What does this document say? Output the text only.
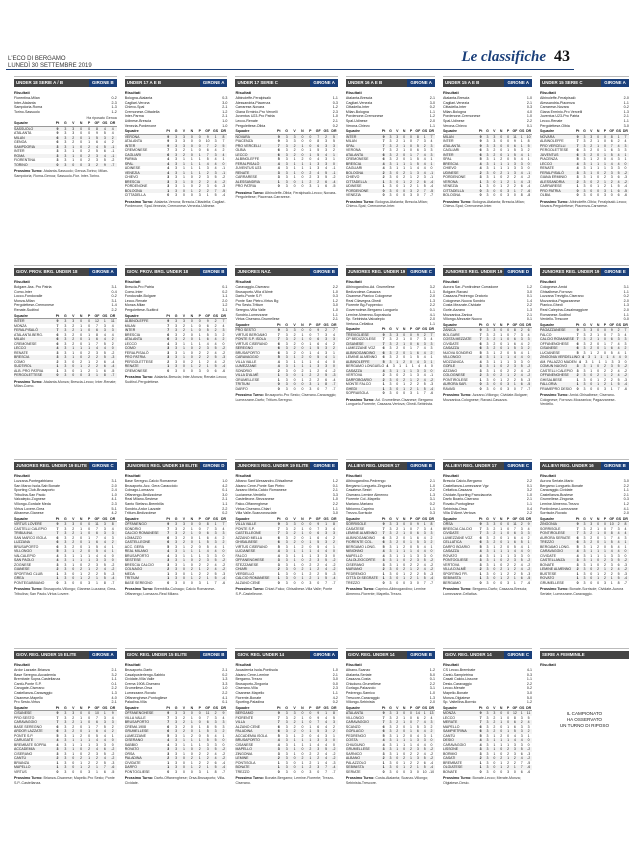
L'ECO DI BERGAMO
LUNEDÌ 30 SETTEMBRE 2019
Le classifiche 43
UNDER 18 SERIE A / B	GIRONE B
Risultati
Fiorentina-Milan	0-2
Inter-Atalanta	2-3
Sampdoria-Roma	1-3
Torino-Sassuolo	1-2
Ha riposato Genoa
Squadre	Pt	G	V	N	P	GF GS DR
SASSUOLO	9	3	3	0	0	8	4	4
ATALANTA	9	3	3	0	0	9	5	4
MILAN	6	3	2	0	1	5	3	2
GENOA	6	3	2	0	1	6	4	2
SAMPDORIA	3	3	1	0	2	4	5	-1
INTER	3	3	1	0	2	5	6	-1
ROMA	3	3	1	0	2	3	4	-1
FIORENTINA	3	3	1	0	2	3	5	-2
TORINO	0	3	0	0	3	2	9	-7
Prossimo Turno: Atalanta-Sassuolo; Genoa-Torino; Milan-Sampdoria; Roma-Genoa; Sassuolo-Fior. Inter-Torino.
UNDER 17 A E B	GIRONE A
Risultati
Bologna-Atalanta	0-3
Cagliari-Verona	3-0
Chievo-Spal	2-1
Cremonese-Cittadella	1-2
Inter-Parma	2-1
Udinese-Brescia	1-0
Venezia-Pordenone	1-0
Squadre	Pt	G	V	N	P	GF GS DR
VERONA	9	3	3	0	0	9	1	8
ATALANTA	9	3	3	0	0	10	3	7
INTER	9	3	3	0	0	7	2	5
CREMONESE	7	3	2	1	0	6	4	2
CAGLIARI	6	3	2	0	1	7	3	4
PARMA	4	3	1	1	1	5	4	1
SPAL	4	3	1	1	1	4	4	0
UDINESE	4	3	1	1	1	3	4	-1
VENEZIA	4	3	1	1	1	2	3	-1
CHIEVO	3	3	1	0	2	3	5	-2
BRESCIA	3	3	1	0	2	2	4	-2
PORDENONE	3	3	1	0	2	3	6	-3
BOLOGNA	1	3	0	1	2	2	7	-5
CITTADELLA	0	3	0	0	3	1	5	-4
Prossimo Turno: Atalanta-Verona; Brescia-Cittadella; Cagliari-Pordenone; Spal-Venezia; Cremonese-Venezia-Udinese.
UNDER 17 SERIE C	GIRONE A
Risultati
Albinoleffe-Feralpisalò	1-1
Alessandria-Piacenza	0-3
Carrarese-Novara	1-2
Giana Erminio-Pro Vercelli	2-3
Juventus U23-Pro Patria	1-0
Lecco-Renate	2-1
Pergolettese-Olbia	0-2
Squadre	Pt	G	V	N	P	GF GS DR
NOVARA	9	3	3	0	0	7	2	5
PIACENZA	9	3	3	0	0	8	3	5
PRO VERCELLI	7	3	2	1	0	6	3	3
OLBIA	6	3	2	0	1	5	3	2
LECCO	6	3	2	0	1	5	4	1
ALBINOLEFFE	5	3	1	2	0	4	3	1
FERALPISALÒ	4	3	1	1	1	3	3	0
JUVENTUS U23	4	3	1	1	1	3	4	-1
RENATE	3	3	1	0	2	4	5	-1
CARRARESE	3	3	1	0	2	3	5	-2
ALESSANDRIA	1	3	0	1	2	2	6	-4
PRO PATRIA	0	3	0	0	3	1	6	-5
Prossimo Turno: Albinoleffe-Olbia; Feralpisalò-Lecco; Novara-Pergolettese; Piacenza-Carrarese.
UNDER 16 A E B	GIRONE A
Risultati
Atalanta-Brescia	2-1
Cagliari-Venezia	3-0
Cittadella-Inter	0-2
Milan-Bologna	1-1
Pordenone-Cremonese	1-2
Spal-Udinese	2-0
Verona-Chievo	1-1
Squadre	Pt	G	V	N	P GF GS DR
INTER	9	3	3	0	0	8	1	7
MILAN	7	3	2	1	0	7	3	4
SPAL	7	3	2	1	0	5	2	3
VERONA	7	3	2	1	0	6	3	3
ATALANTA	6	3	2	0	1	7	4	3
CREMONESE	6	3	2	0	1	5	4	1
BRESCIA	4	3	1	1	1	5	4	1
CAGLIARI	4	3	1	1	1	4	4	0
BOLOGNA	2	3	0	2	1	3	4	-1
CHIEVO	2	3	0	2	1	2	3	-1
CITTADELLA	1	3	0	1	2	2	6	-4
UDINESE	1	3	0	1	2	1	5	-4
PORDENONE	0	3	0	0	3	2	7	-5
VENEZIA	0	3	0	0	3	0	7	-7
Prossimo Turno: Bologna-Atalanta; Brescia-Milan; Chievo-Spal; Cremonese-Inter.
UNDER 15 A E B	GIRONE A
Risultati
Atalanta-Brescia	1-0
Cagliari-Venezia	2-1
Cittadella-Inter	0-3
Milan-Bologna	4-0
Pordenone-Cremonese	1-0
Spal-Udinese	2-2
Verona-Chievo	0-1
Squadre	Pt	G	V	N	P GF GS DR
MILAN	9	3	3	0	0	11	1	10
INTER	9	3	3	0	0	9	1	8
ATALANTA	9	3	3	0	0	6	1	5
CAGLIARI	6	3	2	0	1	5	3	2
INTER	6	3	2	0	1	5	4	1
SPAL	5	3	1	2	0	5	4	1
BRESCIA	4	3	1	1	1	3	3	0
CHIEVO	4	3	1	1	1	3	3	0
UDINESE	2	3	0	2	1	3	4	-1
PORDENONE	3	3	1	0	2	2	4	-2
VERONA	1	3	0	1	2	1	4	-3
VENEZIA	1	3	0	1	2	2	6	-4
CITTADELLA	0	3	0	0	3	1	7	-6
BOLOGNA	0	3	0	0	3	0	8	-8
Prossimo Turno: Bologna-Atalanta; Brescia-Milan; Chievo-Spal; Cremonese-Inter.
UNDER 15 SERIE C	GIRONE A
Risultati
Albinoleffe-Feralpisalò	2-0
Alessandria-Piacenza	1-1
Carrarese-Novara	0-2
Giana Erminio-Pro Vercelli	1-3
Juventus U23-Pro Patria	2-1
Lecco-Renate	1-1
Pergolettese-Olbia	3-0
Squadre	Pt	G	V	N	P GF GS DR
NOVARA	9	3	3	0	0	8	1	7
ALBINOLEFFE	7	3	2	1	0	6	2	4
PRO VERCELLI	7	3	2	1	0	7	4	3
PERGOLETTESE	6	3	2	0	1	6	3	3
JUVENTUS	6	3	2	0	1	5	4	1
PIACENZA	5	3	1	2	0	4	3	1
LECCO	4	3	1	1	1	4	4	0
RENATE	4	3	1	1	1	3	3	0
FERALPISALÒ	3	3	1	0	2	3	5	-2
GIANA ERMINIO	3	3	1	0	2	3	6	-3
ALESSANDRIA	2	3	0	2	1	2	4	-2
CARRARESE	1	3	0	1	2	1	5	-4
PRO PATRIA	0	3	0	0	3	1	6	-5
OLBIA	0	3	0	0	3	0	6	-6
Prossimo Turno: Albinoleffe-Olbia; Feralpisalò-Lecco; Novara-Pergolettese; Piacenza-Carrarese.
GIOV. PROV. BRG. UNDER 18	GIRONE A
Risultati
Bolgare-Ass. Pro Patria	3-1
Como-Inter	0-4
Locco-Fondovalle	0-2
Monza-Milan	3-1
Pergolettese-Cremonese	1-4
Renate-Sudtirol	2-2
Squadre	Pt	G	V	N	P	GF GS DR
INTER	9	3	3	0	0	12	1	11
MONZA	7	3	2	1	0	7	3	4
FERALPISALÒ	7	3	2	1	0	6	3	3
ATALANTA BERG.	6	3	2	0	1	8	4	4
MILAN	6	3	2	0	1	6	4	2
CREMONESE	6	3	2	0	1	7	5	2
LECCO	4	3	1	1	1	4	4	0
RENATE	3	3	1	0	2	3	5	-2
BRESCIA	3	3	1	0	2	2	5	-3
COMO	2	3	0	2	1	2	6	-4
SUDTIROL	1	3	0	1	2	2	6	-4
ALB. PRO PATRIA	1	3	0	1	2	1	6	-5
PERGOLETTESE	0	3	0	0	3	1	8	-7
Prossimo Turno: Atalanta-Monza; Brescia-Lecco; Inter-Renate; Milan-Como.
GIOV. PROV. BRG. UNDER 18	GIRONE B
Risultati
Brescia-Pro Patria	0-1
Como-Inter	0-2
Fondovalle-Bolgare	1-1
Lecco-Renate	2-0
Monza-Milan	1-2
Pergolettese-Sudtirol	3-1
Squadre	Pt	G	V	N	P	GF GS DR
ALBINOLEFFE	9	3	3	0	0	9	2	7
MILAN	7	3	2	1	0	6	2	4
INTER	7	3	2	1	0	5	2	3
BRESCIA	6	3	2	0	1	5	3	2
ATALANTA	6	3	2	0	1	6	4	2
LECCO	4	3	1	1	1	4	4	0
COMO	3	3	1	0	2	3	5	-2
FERALPISALÒ	3	3	1	0	2	2	4	-2
PRO PATRIA	3	3	1	0	2	2	5	-3
PERGOLETTESE	2	3	0	2	1	2	4	-2
RENATE	1	3	0	1	2	1	5	-4
CREMONESE	0	3	0	0	3	0	6	-6
Prossimo Turno: Atalanta-Brescia; Inter-Monza; Renate-Lecco; Sudtirol-Pergolettese.
JUNIORES NAZ.	GIRONE B
Risultati
Caravaggio-Ciserano	2-2
Brusaporto-Villa d'Almè	1-0
Darfo-Ponte S.P.	0-3
Ponte San Pietro-Virtus Bg	1-2
Pro Sesto-Tritium	3-0
Seregno-Villa Valle	1-0
Sondrio-Lumezzane	1-1
Virtus Ciserano-Grumellese	2-1
Squadre	Pt	G	V	N	P	GF GS DR
PRO SESTO	9	3	3	0	0	9	2	7
VIRTUS BERGAMO	7	3	2	1	0	7	3	4
PONTE S.P. ISOLA	7	3	2	1	0	6	3	3
VIRTUS CISERANO	6	3	2	0	1	6	4	2
SEREGNO	6	3	2	0	1	5	3	2
BRUSAPORTO	6	3	2	0	1	4	3	1
CARAVAGGIO	5	3	1	2	0	5	4	1
VILLA VALLE	4	3	1	1	1	4	4	0
LUMEZZANE	4	3	1	1	1	3	3	0
SONDRIO	2	3	0	2	1	2	4	-2
VILLA D'ALMÈ	1	3	0	1	2	2	5	-3
GRUMELLESE	1	3	0	1	2	2	6	-4
TRITIUM	0	3	0	0	3	1	8	-7
DARFO	0	3	0	0	3	0	7	-7
Prossimo Turno: Brusaporto-Pro Sesto; Ciserano-Caravaggio; Lumezzane-Darfo; Tritium-Seregno.
JUNIORES REG. UNDER 19	GIRONE C
Risultati
Albinogandino-Ad. Grumellese	3-2
Bedizzolese-Casazza	1-1
Cisanese-Pianico Colognese	2-0
Real Cilavegna-Ghedi	1-3
Fiorente Bg-Foppenico	2-2
Governolese-Bergamo Longuelo	0-1
Lemine Almenno-Sopraisola	4-1
Sp. Sebinista-Valcalepio	2-0
Vertova-Cellatica	1-1
Squadre	Pt	G	V	N	P GF GS DR
TREVIGLIESE	9	3	3	0	0	9	2	7
CP BEDIZZOLESE	7	3	2	1	0	7	3	4
CISANESE	7	3	2	1	0	6	3	3
LUMEZZANE VGZ	6	3	2	0	1	7	4	3
ALBINOGANDINO	6	3	2	0	1	6	4	2
LEMINE ALMENNO	6	3	2	0	1	5	4	1
ALBINOLEFFE	5	3	1	2	0	4	3	1
BERGAMO LONGUELO 4	3	1	1	1	4	4	0
CASAZZA	4	3	1	1	1	3	3	0
VERTOVA	2	3	0	2	1	3	4	-1
DARFOBOARIO	2	3	0	2	1	2	4	-2
MONTE FALCO	1	3	0	1	2	2	5	-3
GHEDI	1	3	0	1	2	1	5	-4
SOPRAISOLA	0	3	0	0	3	1	7	-6
Prossimo Turno: Ad. Grumellese-Cisanese; Bergamo Longuelo-Fiorente; Casazza-Vertova; Ghedi-Sebinista.
JUNIORES REG. UNDER 19	GIRONE D
Risultati
Aurora Sar.-Pontirolese Corradone	1-2
Bolgare-Ravasi	3-0
Casazza-Pedrengo Oratorio	0-1
Colognese-Nuova Sondrio	1-4
Costa Mezzate-Cividate	2-2
Gorle-Azzano	1-3
Mozzanica-Zanica	2-1
Villongo-Mezzate Nuovo	0-1
Squadre	Pt	G	V	N	P GF GS DR
ZANICA	9	3	3	0	0	8	2	6
BOLGARE	7	3	2	1	0	7	3	4
COSTA MEZZATE	7	3	2	1	0	6	3	3
CIVIDATE	6	3	2	0	1	6	4	2
CASAZZA	6	3	2	0	1	5	3	2
NUOVA SONDRIO	5	3	1	2	0	5	4	1
VILLONGO	4	3	1	1	1	4	4	0
MOZZANICA	4	3	1	1	1	3	3	0
GORLE	3	3	1	0	2	3	5	-2
AZZANO	3	3	1	0	2	2	4	-2
COLOGNESE	2	3	0	2	1	2	4	-2
PONTIROLESE	1	3	0	1	2	2	5	-3
AURORA SAR.	0	3	0	0	3	1	6	-5
RAVASI	0	3	0	0	3	0	7	-7
Prossimo Turno: Azzano-Villongo; Cividate-Bolgare; Mozzanica-Colognese; Ravasi-Casazza.
JUNIORES REG. UNDER 19	GIRONE E
Risultati
Colognese-Amici	3-1
Ghisalbese-Fornovo	1-1
Luzzana Treviglio-Ciserano	0-2
Mozzanica-Pagazzanese	2-0
Pianico-Ghedi	1-3
Real Calepina-Casalmaggiore	2-0
Romanese-Sudtirol	1-1
Verdello-Trescore	0-0
Squadre	Pt	G	V	N	P GF GS DR
PAGAZZANESE	9	3	3	0	0	9	2	7
FALCO	7	3	2	1	0	7	3	4
CALCIO ROMANESE 7	3	2	1	0	6	3	3
OFFANENGHESE	6	3	2	0	1	7	4	3
CISANESE	6	3	2	0	1	6	4	2
LUCIANESE	5	3	1	2	0	5	4	1
ZINGONIA VERDELLINO 4	3	1	1	1	4	4	0
AM. PALAZZO MADEN 4	3	1	1	1	3	3	0
COMUN NUOVO	3	3	1	0	2	3	5	-2
CASTELLI CALEPIO	3	3	1	0	2	2	4	-2
OFFANENGHESE	2	3	0	2	1	2	4	-2
GHISALBESE	1	3	0	1	2	2	5	-3
FALLORIA	1	3	0	1	2	1	5	-4
FRAMEPRO DESIO	0	3	0	0	3	1	7	-6
Prossimo Turno: Amici-Ghisalbese; Ciserano-Colognese; Fornovo-Mozzanica; Pagazzanese-Verdello.
JUNIORES REG. UNDER 19 ELITE	GIRONE C
Risultati
Luzzana-Pontegabbiano	3-1
San Marco Isola-Sab Bonate	2-0
Sporting Club-Brusaporto	2-4
Tribulina-San Paolo	1-0
Valcalepio-Zognese	4-1
Villongo-Gordale Meda	2-3
Virtus Lovere-Grea	5-1
Albanese-Gianese	4-2
Squadre	Pt	G	V	N	P	GF GS DR
VIRTUS LOVERE	9	3	3	0	0	11	3	8
CASTELLI CALEPIO	7	3	2	1	0	7	3	4
TRIBULINA	7	3	2	1	0	6	3	3
SAN MARCO ISOLA	6	3	2	0	1	7	4	3
LUZZANA	6	3	2	0	1	6	4	2
BRUSAPORTO	6	3	2	0	1	5	4	1
VILLONGO	5	3	1	2	0	5	4	1
VALCALEPIO	4	3	1	1	1	4	4	0
SAN PAOLO	4	3	1	1	1	3	3	0
ZOGNESE	3	3	1	0	2	3	5	-2
GIANESE	2	3	0	2	1	2	4	-2
SPORTING CLUB	1	3	0	1	2	2	5	-3
GREA	1	3	0	1	2	1	5	-4
PONTEGABBIANO	0	3	0	0	3	1	8	-7
Prossimo Turno: Brusaporto-Villongo; Gianese-Luzzana; Grea-Tribulina; San Paolo-Virtus Lovere.
JUNIORES REG. UNDER 19 ELITE	GIRONE D
Risultati
Base Seregno-Calcio Romanese	1-0
Brusaporto-Acc. Gera Caracciolo	4-2
Colnago-Lomazzo	0-1
Offanengo-Bedizzolese	3-0
Real Milano-Sestese	2-1
Santo Stefano-Brembilla	1-1
Sondrio-Ardor Lazzate	2-2
Tritium-Bedizzolese	0-2
Squadre	Pt	G	V	N	P	GF GS DR
OFFANENGO	9	3	3	0	0	8	1	7
SONDRIO	7	3	2	1	0	7	3	4
CALCIO ROMANESE	7	3	2	1	0	6	3	3
LOMAZZO	6	3	2	0	1	6	4	2
CASTELLEONE	6	3	2	0	1	5	3	2
ACC. GERA	5	3	1	2	0	5	4	1
REAL MILANO	4	3	1	1	1	4	4	0
BRUSAPORTO	4	3	1	1	1	3	3	0
SESTESE	3	3	1	0	2	3	5	-2
BRESCIA CALCIO	3	3	1	0	2	2	4	-2
COLNAGO	2	3	0	2	1	2	4	-2
MEDA	1	3	0	1	2	2	5	-3
TRITIUM	1	3	0	1	2	1	5	-4
BASE SEREGNO	0	3	0	0	3	1	7	-6
Prossimo Turno: Brembilla-Colnago; Calcio Romanese-Offanengo; Lomazzo-Real Milano.
JUNIORES REG. UNDER 19 ELITE	GIRONE E
Risultati
Albano Sant'Alessandro-Ghisalbese	1-2
Alzano Cene-Ponte San Pietro	0-1
Azzano Mella-Calcio Romanese	2-1
Lucianese-Verdello	3-3
Castelleone-Stezzanese	1-0
Falco-Offanenghese	2-2
Virtus Ciserano-Chiari	1-1
Villa Valle-Scanzorosciate	3-0
Squadre	Pt	G	V	N	P	GF GS DR
VILLA VALLE	9	3	3	0	0	9	1	8
PONTE S.P.	7	3	2	1	0	7	3	4
CASTELLEONE	7	3	2	1	0	6	3	3
AZZANO MELLA	6	3	2	0	1	6	4	2
GHISALBESE	6	3	2	0	1	5	3	2
VIRTUS CISERANO	5	3	1	2	0	5	4	1
LUCIANESE	4	3	1	1	1	4	4	0
FALCO	4	3	1	1	1	3	3	0
OFFANENGHESE	3	3	1	0	2	3	5	-2
STEZZANESE	3	3	1	0	2	2	4	-2
CHIARI	2	3	0	2	1	2	4	-2
VERDELLO	1	3	0	1	2	2	5	-3
CALCIO ROMANESE	1	3	0	1	2	1	5	-4
ALZANO CENE	0	3	0	0	3	0	7	-7
Prossimo Turno: Chiari-Falco; Ghisalbese-Villa Valle; Ponte S.P.-Castelleone.
ALLIEVI REG. UNDER 17	GIRONE B
Risultati
Albinogandino-Pedrengo	2-1
Bergamo Longuelo-Zingonia	1-0
Casatese-Sestri	2-2
Ciserano-Lemine Almenno	1-3
Fiorente Col.-Mapello	3-1
Mariano-Mariano	0-2
Nibionno-Caprino	1-1
Trezzo-Sorrisole	0-3
Squadre	Pt	G	V	N	P GF GS DR
SORRISOLE	9	3	3	0	0	9	1	8
CASATESE	7	3	2	1	0	7	3	4
LEMINE ALMENNO	7	3	2	1	0	6	3	3
ALBINOGANDINO	6	3	2	0	1	6	4	2
FIORENTE COL.	6	3	2	0	1	5	3	2
BERGAMO LONG.	5	3	1	2	0	5	4	1
NIBIONNO	4	3	1	1	1	4	4	0
MAPELLO	4	3	1	1	1	3	3	0
CALOLZIOCORTE	3	3	1	0	2	3	5	-2
CISERANO	3	3	1	0	2	2	4	-2
MARIANO	2	3	0	2	1	2	4	-2
PEDRENGO	1	3	0	1	2	2	5	-3
CITTÀ DI SEGRATE	1	3	0	1	2	1	5	-4
TREZZO	0	3	0	0	3	0	7	-7
Prossimo Turno: Caprino-Albinogandino; Lemine Almenno-Fiorente; Mapello-Trezzo.
ALLIEVI REG. UNDER 17	GIRONE C
Risultati
Brescia Calcio-Bergamo	2-2
Castellanza-Lumezzane Vgz	0-1
Cellatica-Casazza	3-2
Cividate-Sporting Franciacorta	1-0
Darfo Boario-Ciserano	2-1
Rovato-Pontogliese	1-1
Sebinista-Orsa	0-4
Villa D'Almè-Vertova	2-2
Squadre	Pt	G	V	N	P GF GS DR
ORSA	9	3	3	0	0	11	2	9
BRESCIA CALCIO	7	3	2	1	0	7	3	4
CIVIDATE	7	3	2	1	0	6	3	3
LUMEZZANE VGZ	6	3	2	0	1	6	4	2
CELLATICA	6	3	2	0	1	6	5	1
DARFO BOARIO	5	3	1	2	0	5	4	1
CASAZZA	4	3	1	1	1	4	4	0
ROVATO	4	3	1	1	1	3	3	0
PONTOGLIESE	3	3	1	0	2	3	5	-2
VERTOVA	3	3	1	0	2	2	4	-2
VILLA D'ALMÈ	2	3	0	2	1	2	4	-2
SPORTING FR.	1	3	0	1	2	2	5	-3
SEBINISTA	1	3	0	1	2	1	6	-5
BERGAMO	0	3	0	0	3	1	7	-6
Prossimo Turno: Bergamo-Darfo; Casazza-Brescia; Lumezzane-Cellatica.
ALLIEVI REG. UNDER 16	GIRONE B
Risultati
Aurora Seriate-Mario	3-0
Bergamo Longuelo-Bonate	2-2
Caravaggio-Cividate	1-1
Castellanza-Bustese	2-1
Grumellese-Zingonia	0-3
Lemine Almenno-Trezzo	1-2
Pontirolese-Lumezzane	4-1
Sorrisole-Rovato	2-0
Squadre	Pt	G	V	N	P GF GS DR
ZINGONIA	9	3	3	0	0	10	2	8
SORRISOLE	7	3	2	1	0	7	3	4
PONTIROLESE	7	3	2	1	0	8	4	4
AURORA SERIATE	6	3	2	0	1	7	4	3
TREZZO	6	3	2	0	1	5	4	1
BERGAMO LONG.	5	3	1	2	0	5	4	1
CARAVAGGIO	4	3	1	1	1	4	4	0
CIVIDATE	4	3	1	1	1	3	3	0
CASTELLANZA	3	3	1	0	2	3	5	-2
BONATE	3	3	1	0	2	3	6	-3
LEMINE ALMENNO	2	3	0	2	1	2	4	-2
BUSTESE	1	3	0	1	2	2	5	-3
ROVATO	1	3	0	1	2	1	5	-4
GRUMELLESE	0	3	0	0	3	1	8	-7
Prossimo Turno: Bonate-Sorrisole; Cividate-Aurora Seriate; Lumezzane-Caravaggio.
GIOV. REG. UNDER 15 ELITE	GIRONE A
Risultati
Ardor Lazzate-Brianza	2-1
Base Seregno-Accademia	3-2
Brembate Sopra-Castellanza	1-1
Cantù-Ponte S.P.	0-1
Carugate-Ciserano	2-2
Castellanza-Caravaggio	1-3
Cisanese-Mapello	4-0
Pro Sesto-Virtus	2-1
Squadre	Pt	G	V	N	P	GF GS DR
CISANESE	9	3	3	0	0	10	1	9
PRO SESTO	7	3	2	1	0	7	3	4
CARAVAGGIO	7	3	2	1	0	6	3	3
BASE SEREGNO	6	3	2	0	1	7	5	2
ARDOR LAZZATE	6	3	2	0	1	6	4	2
PONTE S.P.	5	3	1	2	0	5	4	1
CARUGATE	4	3	1	1	1	4	4	0
BREMBATE SOPRA	4	3	1	1	1	3	3	0
ACCADEMIA	3	3	1	0	2	4	6	-2
CISERANO	3	3	1	0	2	3	5	-2
CANTÙ	2	3	0	2	1	2	4	-2
BRIANZA	1	3	0	1	2	2	5	-3
MAPELLO	1	3	0	1	2	1	7	-6
VIRTUS	0	3	0	0	3	1	6	-5
Prossimo Turno: Brianza-Cisanese; Mapello-Pro Sesto; Ponte S.P.-Castellanza.
GIOV. REG. UNDER 15 ELITE	GIRONE B
Risultati
Brusaporto-Darfo	2-1
Casalpusterlengo-Sabbio	0-2
Cividate-Villa Valle	1-3
Crema 1908-Ciserano	3-3
Grumellese-Orsa	1-0
Lumezzane-Rovato	2-2
Offanenghese-Pontogliese	4-1
Paladina-Villa	0-1
Squadre	Pt	G	V	N	P	GF GS DR
OFFANENGHESE	9	3	3	0	0	11	2	9
VILLA VALLE	7	3	2	1	0	7	3	4
BRUSAPORTO	7	3	2	1	0	6	3	3
CREMA 1908	6	3	2	0	1	8	5	3
GRUMELLESE	6	3	2	0	1	5	3	2
LUMEZZANE	5	3	1	2	0	5	4	1
CISERANO	4	3	1	1	1	5	5	0
SABBIO	4	3	1	1	1	3	3	0
ROVATO	3	3	1	0	2	3	5	-2
ORSA	3	3	1	0	2	2	4	-2
PALADINA	2	3	0	2	1	2	4	-2
CIVIDATE	1	3	0	1	2	2	6	-4
DARFO	1	3	0	1	2	1	5	-4
PONTOGLIESE	0	3	0	0	3	1	8	-7
Prossimo Turno: Darfo-Offanenghese; Orsa-Brusaporto; Villa-Cividate.
GIOV. REG. UNDER 14	GIRONE A
Risultati
Accademia Isola-Pontisola	1-0
Alzano Cene-Lemine	2-1
Bergamo-Trezzo	3-0
Brusaporto-Zingonia	0-0
Ciserano-Villa	2-3
Cisanese-Mapello	1-1
Fiorente-Bonate	4-2
Sporting-Paladina	0-2
Squadre	Pt	G	V	N	P	GF GS DR
BERGAMO	9	3	3	0	0	9	1	8
FIORENTE	7	3	2	1	0	9	4	5
VILLA	7	3	2	1	0	7	4	3
ALZANO CENE	6	3	2	0	1	6	4	2
PALADINA	6	3	2	0	1	5	3	2
ACCADEMIA ISOLA	5	3	1	2	0	4	3	1
BRUSAPORTO	4	3	1	1	1	3	3	0
CISANESE	4	3	1	1	1	4	4	0
MAPELLO	3	3	1	0	2	3	5	-2
ZINGONIA	3	3	1	0	2	2	4	-2
LEMINE	2	3	0	2	1	2	4	-2
PONTISOLA	1	3	0	1	2	1	4	-3
BONATE	1	3	0	1	2	3	7	-4
TREZZO	0	3	0	0	3	0	7	-7
Prossimo Turno: Bonate-Bergamo; Lemine-Fiorente; Trezzo-Ciserano.
GIOV. REG. UNDER 14	GIRONE B
Risultati
Albano-Scanzo	1-2
Atalanta-Seriate	5-0
Casazza-Costa	0-1
Chiuduno-Grumellese	2-2
Gorlago-Palazzolo	3-1
Pedrengo-Sarnico	1-0
Trescore-Caravaggio	1-3
Villongo-Sebinista	2-0
Squadre	Pt	G	V	N	P GF GS DR
ATALANTA	9	3	3	0	0	14	1	13
VILLONGO	7	3	2	1	0	6	2	4
CARAVAGGIO	7	3	2	1	0	7	4	3
SCANZO	6	3	2	0	1	5	3	2
GORLAGO	6	3	2	0	1	6	4	2
PEDRENGO	5	3	1	2	0	4	3	1
COSTA	4	3	1	1	1	3	3	0
CHIUDUNO	4	3	1	1	1	4	4	0
GRUMELLESE	3	3	1	0	2	3	5	-2
SARNICO	3	3	1	0	2	2	4	-2
ALBANO	2	3	0	2	1	3	5	-2
PALAZZOLO	1	3	0	1	2	2	6	-4
SEBINISTA	1	3	0	1	2	1	5	-4
SERIATE	0	3	0	0	3	0	10 -10
Prossimo Turno: Costa-Atalanta; Scanzo-Villongo; Sebinista-Trescore.
GIOV. REG. UNDER 14	GIRONE C
Risultati
CS Lecco-Brembate	4-1
Cantù-Sampietrina	0-3
Casati Calcio-Lissone	1-1
Desio-Caravaggio	2-2
Lecco-Merate	0-2
Mapello-Bonate	3-0
Monza-Olgiatese	5-0
Sp. Valtellina-Bormio	1-2
Squadre	Pt	G	V	N	P GF GS DR
MONZA	9	3	3	0	0	12	1	11
LECCO	7	3	2	1	0	8	3	5
MERATE	7	3	2	1	0	6	2	4
MAPELLO	6	3	2	0	1	6	3	3
SAMPIETRINA	6	3	2	0	1	5	3	2
CANTÙ	5	3	1	2	0	4	3	1
DESIO	4	3	1	1	1	4	4	0
CARAVAGGIO	4	3	1	1	1	3	3	0
LISSONE	3	3	1	0	2	3	5	-2
BORMIO	3	3	1	0	2	3	6	-3
CASATI	2	3	0	2	1	2	4	-2
BREMBATE	1	3	0	1	2	2	7	-5
OLGIATESE	1	3	0	1	2	1	7	-6
BONATE	0	3	0	0	3	0	6	-6
Prossimo Turno: Bonate-Lecco; Merate-Monza; Olgiatese-Desio.
SERIE A FEMMINILE
Risultati
IL CAMPIONATO
HA OSSERVATO
UN TURNO DI RIPOSO
